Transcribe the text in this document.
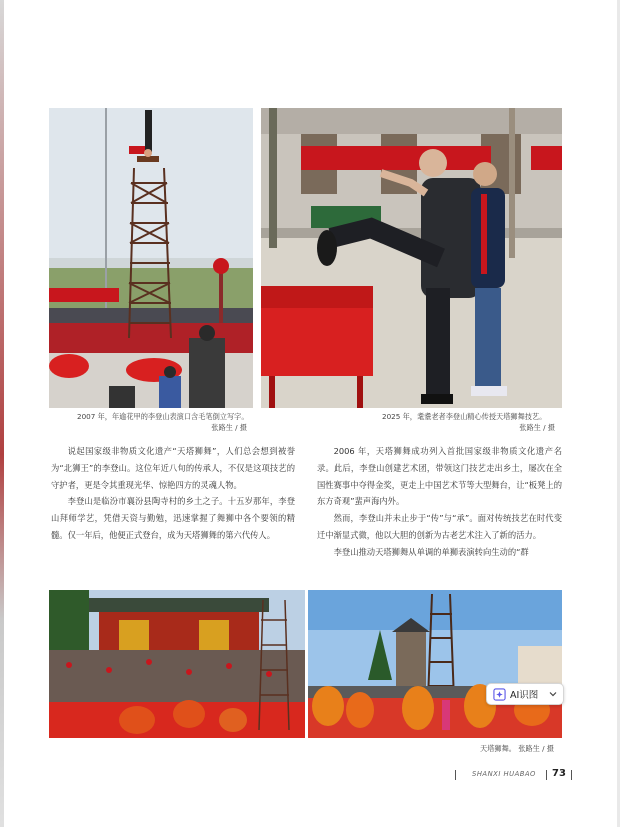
2007 年，年逾花甲的李登山表演口含毛笔倒立写字。
张路生 / 摄
2025 年，耄耋老者李登山精心传授天塔狮舞技艺。
张路生 / 摄

说起国家级非物质文化遗产“天塔狮舞”，人们总会想到被誉为“北狮王”的李登山。这位年近八旬的传承人，不仅是这项技艺的守护者，更是令其重现光华、惊艳四方的灵魂人物。

李登山是临汾市襄汾县陶寺村的乡土之子。十五岁那年，李登山拜师学艺，凭借天资与勤勉，迅速掌握了舞狮中各个要领的精髓。仅一年后，他便正式登台，成为天塔狮舞的第六代传人。

2006 年，天塔狮舞成功列入首批国家级非物质文化遗产名录。此后，李登山创建艺术团，带领这门技艺走出乡土，屡次在全国性赛事中夺得金奖，更走上中国艺术节等大型舞台，让“板凳上的东方奇观”蜚声海内外。

然而，李登山并未止步于“传”与“承”。面对传统技艺在时代变迁中渐显式微，他以大胆的创新为古老艺术注入了新的活力。

李登山推动天塔狮舞从单调的单狮表演转向生动的“群

AI识图
天塔狮舞。 张路生 / 摄
SHANXI HUABAO 73
